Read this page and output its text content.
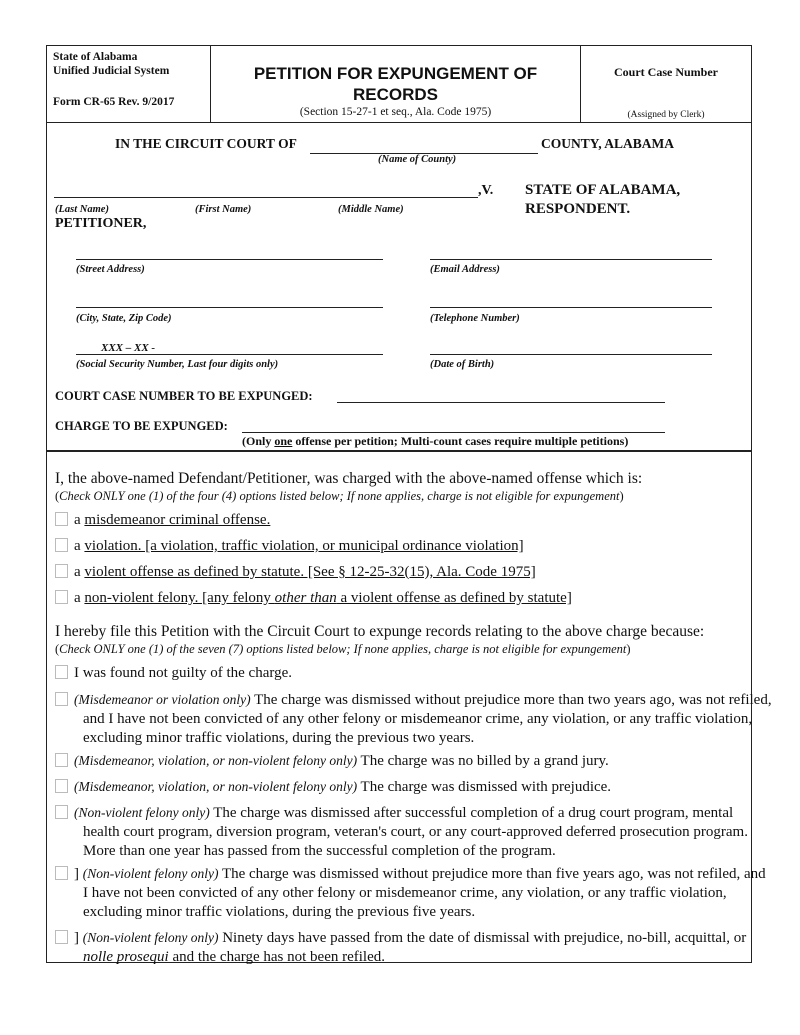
State of Alabama
Unified Judicial System
Form CR-65 Rev. 9/2017
PETITION FOR EXPUNGEMENT OF
RECORDS
(Section 15-27-1 et seq., Ala. Code 1975)
Court Case Number
(Assigned by Clerk)
IN THE CIRCUIT COURT OF	COUNTY, ALABAMA
(Name of County)
,V. STATE OF ALABAMA,
RESPONDENT.
(Last Name)	(First Name)	(Middle Name)
PETITIONER,
(Street Address)	(Email Address)
(City, State, Zip Code)	(Telephone Number)
XXX – XX -
(Social Security Number, Last four digits only)	(Date of Birth)
COURT CASE NUMBER TO BE EXPUNGED:
CHARGE TO BE EXPUNGED:
(Only one offense per petition; Multi-count cases require multiple petitions)
I, the above-named Defendant/Petitioner, was charged with the above-named offense which is:
(Check ONLY one (1) of the four (4) options listed below; If none applies, charge is not eligible for expungement)
a misdemeanor criminal offense.
a violation. [a violation, traffic violation, or municipal ordinance violation]
a violent offense as defined by statute. [See § 12-25-32(15), Ala. Code 1975]
a non-violent felony. [any felony other than a violent offense as defined by statute]
I hereby file this Petition with the Circuit Court to expunge records relating to the above charge because:
(Check ONLY one (1) of the seven (7) options listed below; If none applies, charge is not eligible for expungement)
I was found not guilty of the charge.
(Misdemeanor or violation only) The charge was dismissed without prejudice more than two years ago, was not refiled, and I have not been convicted of any other felony or misdemeanor crime, any violation, or any traffic violation, excluding minor traffic violations, during the previous two years.
(Misdemeanor, violation, or non-violent felony only) The charge was no billed by a grand jury.
(Misdemeanor, violation, or non-violent felony only) The charge was dismissed with prejudice.
(Non-violent felony only) The charge was dismissed after successful completion of a drug court program, mental health court program, diversion program, veteran's court, or any court-approved deferred prosecution program. More than one year has passed from the successful completion of the program.
] (Non-violent felony only) The charge was dismissed without prejudice more than five years ago, was not refiled, and I have not been convicted of any other felony or misdemeanor crime, any violation, or any traffic violation, excluding minor traffic violations, during the previous five years.
] (Non-violent felony only) Ninety days have passed from the date of dismissal with prejudice, no-bill, acquittal, or nolle prosequi and the charge has not been refiled.
